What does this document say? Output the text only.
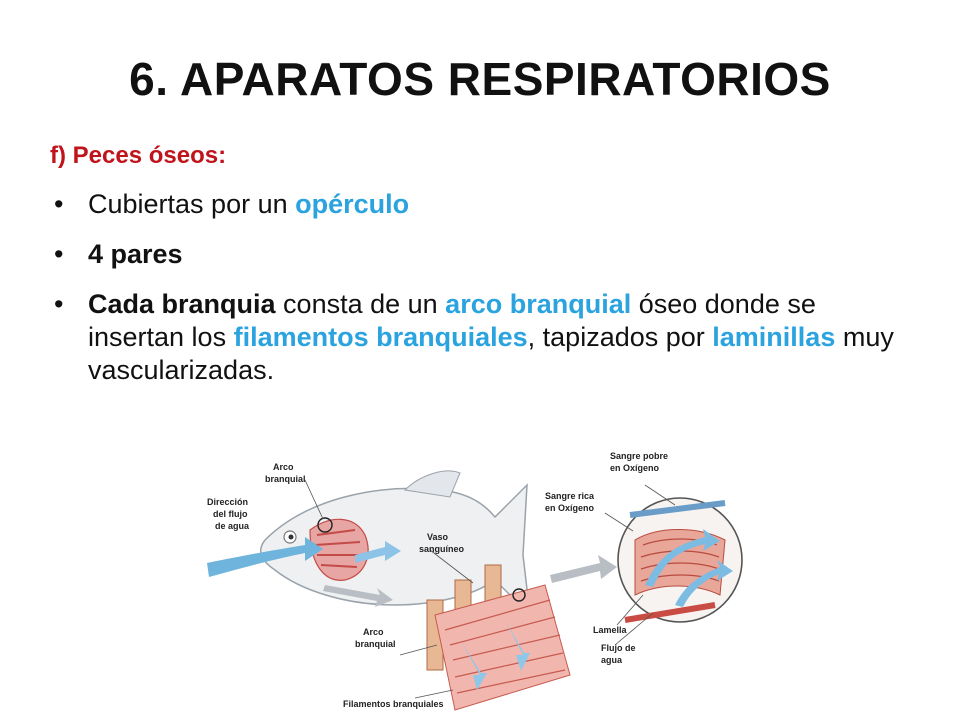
6. APARATOS RESPIRATORIOS
f) Peces óseos:
• Cubiertas por un opérculo
• 4 pares
• Cada branquia consta de un arco branquial óseo donde se insertan los filamentos branquiales, tapizados por laminillas muy vascularizadas.
Arco
branquial
Dirección
del flujo
de agua
Vaso
sanguíneo
Arco
branquial
Filamentos branquiales
Sangre pobre
en Oxígeno
Sangre rica
en Oxígeno
Lamella
Flujo de
agua
